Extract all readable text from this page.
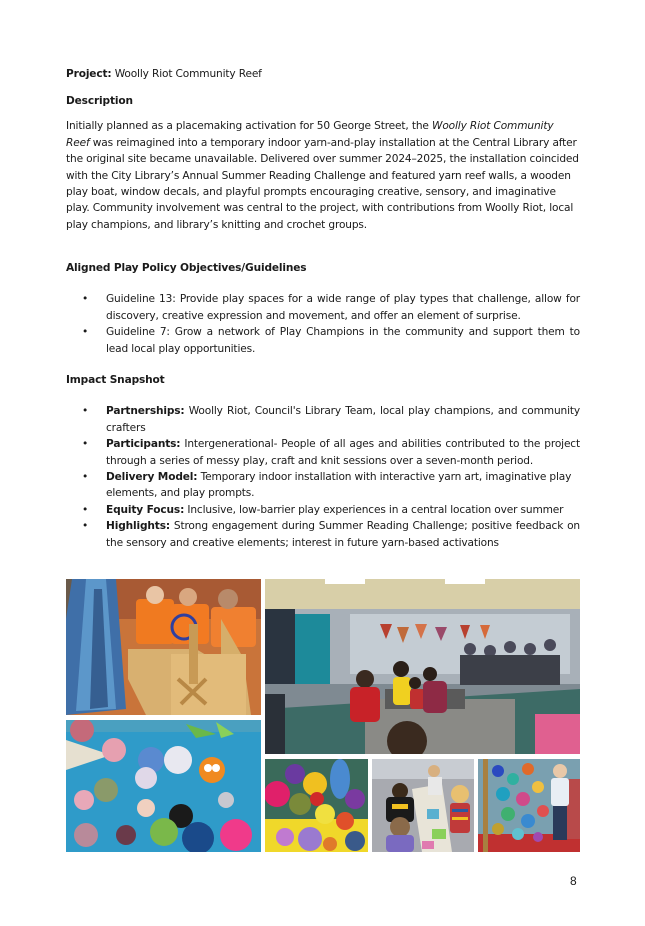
Project: Woolly Riot Community Reef

Description

Initially planned as a placemaking activation for 50 George Street, the Woolly Riot Community Reef was reimagined into a temporary indoor yarn-and-play installation at the Central Library after the original site became unavailable. Delivered over summer 2024–2025, the installation coincided with the City Library’s Annual Summer Reading Challenge and featured yarn reef walls, a wooden play boat, window decals, and playful prompts encouraging creative, sensory, and imaginative play. Community involvement was central to the project, with contributions from Woolly Riot, local play champions, and library’s knitting and crochet groups.

Aligned Play Policy Objectives/Guidelines

• Guideline 13: Provide play spaces for a wide range of play types that challenge, allow for discovery, creative expression and movement, and offer an element of surprise.
• Guideline 7: Grow a network of Play Champions in the community and support them to lead local play opportunities.

Impact Snapshot

• Partnerships: Woolly Riot, Council's Library Team, local play champions, and community crafters
• Participants: Intergenerational- People of all ages and abilities contributed to the project through a series of messy play, craft and knit sessions over a seven-month period.
• Delivery Model: Temporary indoor installation with interactive yarn art, imaginative play elements, and play prompts.
• Equity Focus: Inclusive, low-barrier play experiences in a central location over summer
• Highlights: Strong engagement during Summer Reading Challenge; positive feedback on the sensory and creative elements; interest in future yarn-based activations
8
